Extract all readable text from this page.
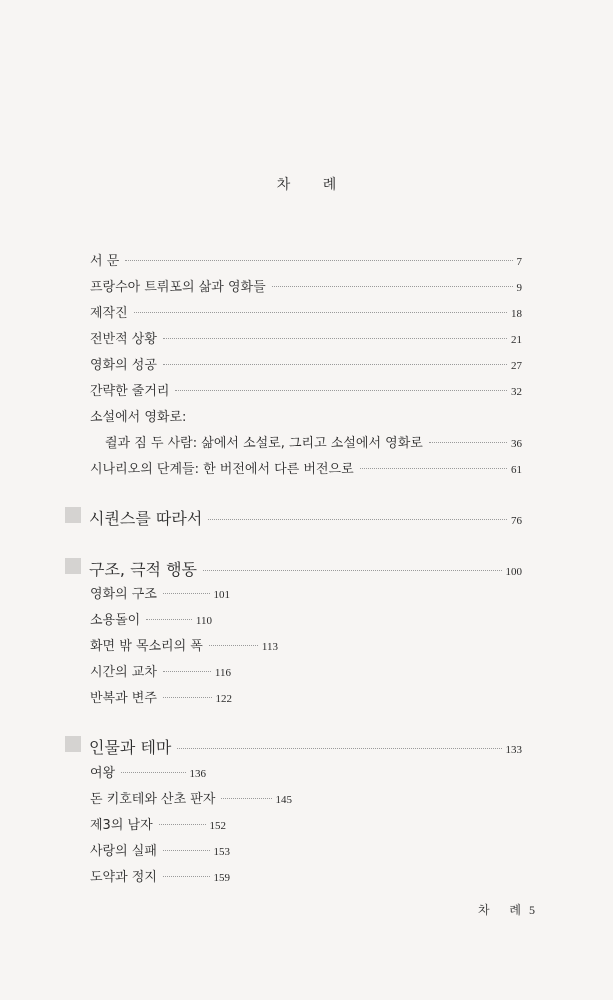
차 례
서 문	7
프랑수아 트뤼포의 삶과 영화들	9
제작진	18
전반적 상황	21
영화의 성공	27
간략한 줄거리	32
소설에서 영화로:
쥘과 짐 두 사람: 삶에서 소설로, 그리고 소설에서 영화로	36
시나리오의 단계들: 한 버전에서 다른 버전으로	61
시퀀스를 따라서	76
구조, 극적 행동	100
영화의 구조	101
소용돌이	110
화면 밖 목소리의 폭	113
시간의 교차	116
반복과 변주	122
인물과 테마	133
여왕	136
돈 키호테와 산초 판자	145
제3의 남자	152
사랑의 실패	153
도약과 정지	159
차 례5
